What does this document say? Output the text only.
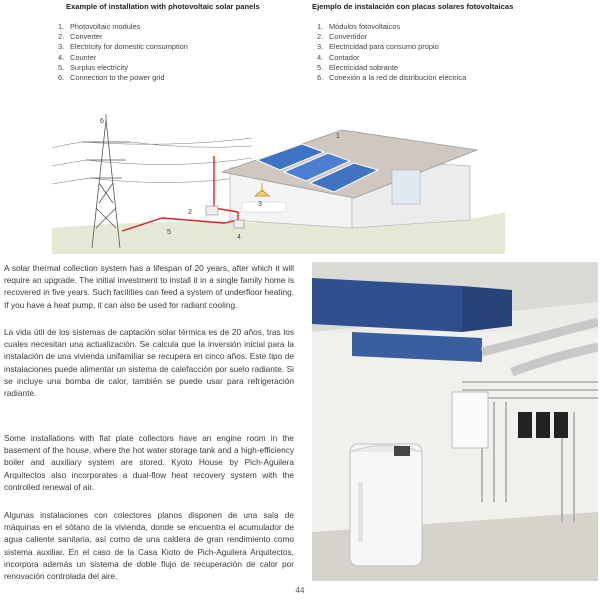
Example of installation with photovoltaic solar panels	Ejemplo de instalación con placas solares fotovoltaicas
1. Photovoltaic modules
2. Converter
3. Electricity for domestic consumption
4. Counter
5. Surplus electricity
6. Connection to the power grid
1. Módulos fotovoltaicos
2. Convertidor
3. Electricidad para consumo propio
4. Contador
5. Electricidad sobrante
6. Conexión a la red de distribución eléctrica
1
2
3
4
5
6

A solar thermal collection system has a lifespan of 20 years, after which it will require an upgrade. The initial investment to install it in a single family home is recovered in five years. Such facilities can feed a system of underfloor heating. If you have a heat pump, it can also be used for radiant cooling.

La vida útil de los sistemas de captación solar térmica es de 20 años, tras los cuales necesitan una actualización. Se calcula que la inversión inicial para la instalación de una vivienda unifamiliar se recupera en cinco años. Este tipo de instalaciones puede alimentar un sistema de calefacción por suelo radiante. Si se incluye una bomba de calor, también se puede usar para refrigeración radiante.

Some installations with flat plate collectors have an engine room in the basement of the house, where the hot water storage tank and a high-efficiency boiler and auxiliary system are stored. Kyoto House by Pich-Aguilera Arquitectos also incorporates a dual-flow heat recovery system with the controlled renewal of air.

Algunas instalaciones con colectores planos disponen de una sala de máquinas en el sótano de la vivienda, donde se encuentra el acumulador de agua caliente sanitaria, así como de una caldera de gran rendimiento como sistema auxiliar. En el caso de la Casa Kioto de Pich-Aguilera Arquitectos, incorpora además un sistema de doble flujo de recuperación de calor por renovación controlada del aire.

44
